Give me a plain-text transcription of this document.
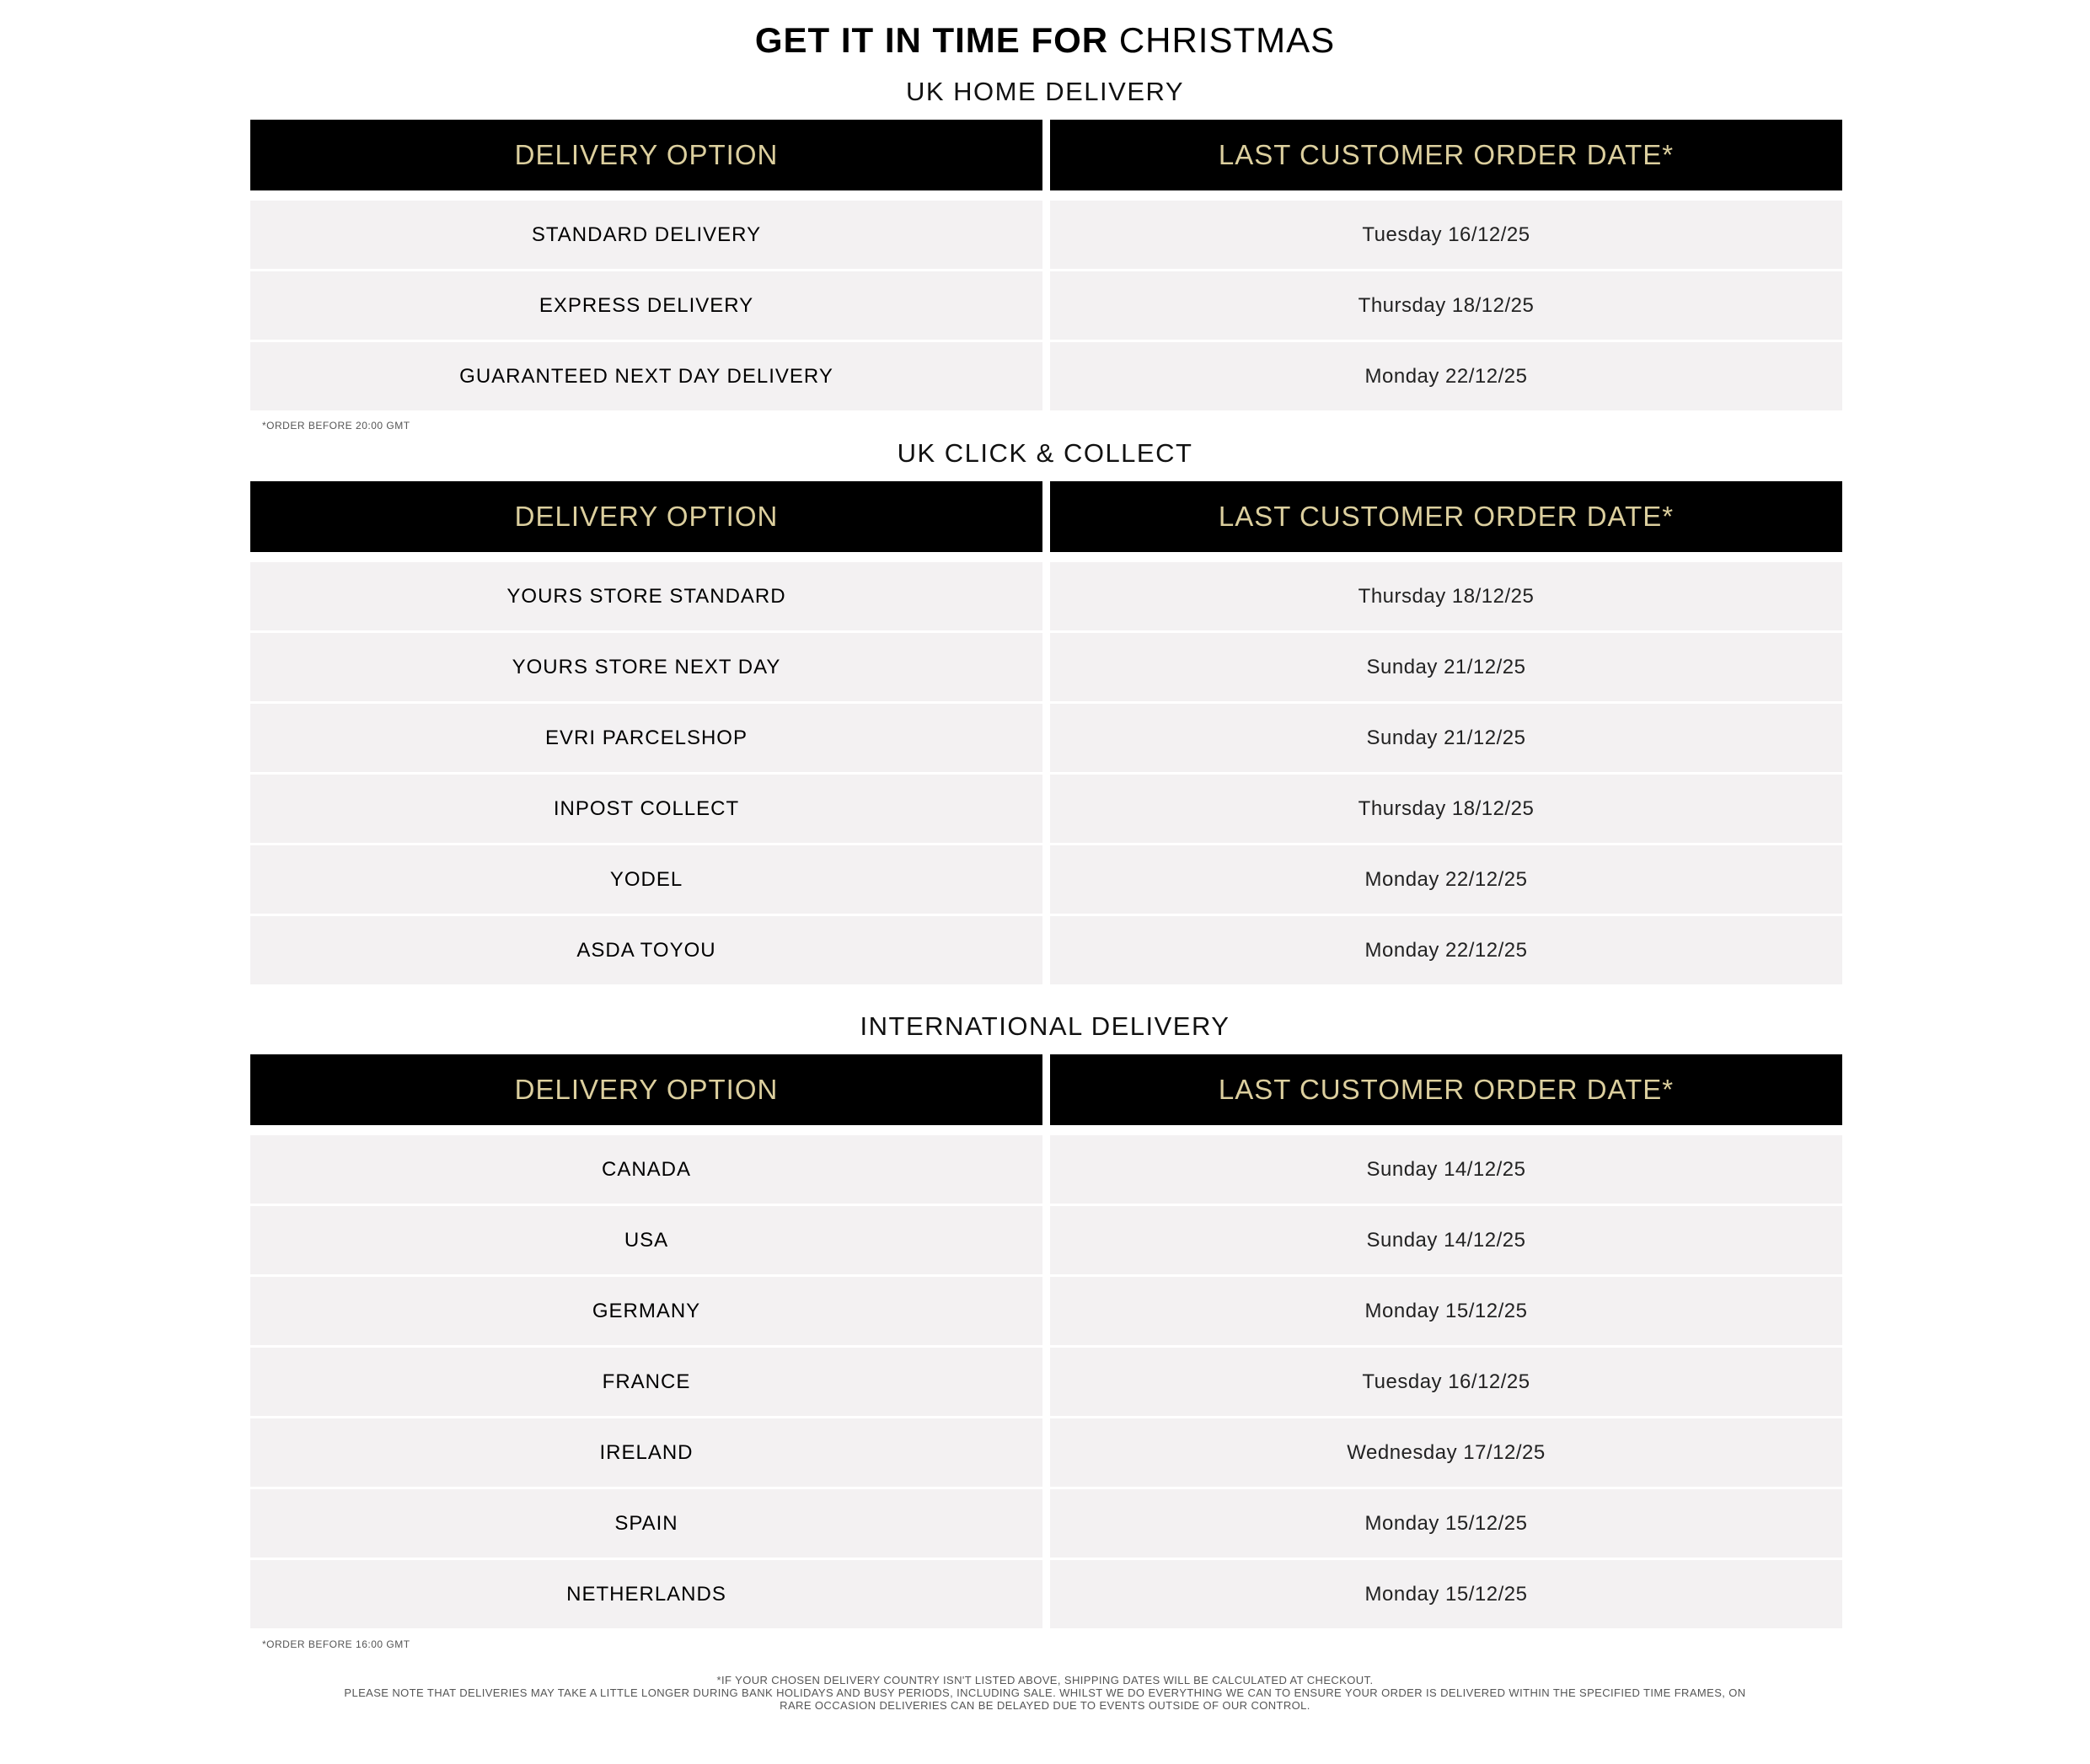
GET IT IN TIME FOR CHRISTMAS
UK HOME DELIVERY
DELIVERY OPTION	LAST CUSTOMER ORDER DATE*
STANDARD DELIVERY	Tuesday 16/12/25
EXPRESS DELIVERY	Thursday 18/12/25
GUARANTEED NEXT DAY DELIVERY	Monday 22/12/25
*ORDER BEFORE 20:00 GMT
UK CLICK & COLLECT
DELIVERY OPTION	LAST CUSTOMER ORDER DATE*
YOURS STORE STANDARD	Thursday 18/12/25
YOURS STORE NEXT DAY	Sunday 21/12/25
EVRI PARCELSHOP	Sunday 21/12/25
INPOST COLLECT	Thursday 18/12/25
YODEL	Monday 22/12/25
ASDA TOYOU	Monday 22/12/25
INTERNATIONAL DELIVERY
DELIVERY OPTION	LAST CUSTOMER ORDER DATE*
CANADA	Sunday 14/12/25
USA	Sunday 14/12/25
GERMANY	Monday 15/12/25
FRANCE	Tuesday 16/12/25
IRELAND	Wednesday 17/12/25
SPAIN	Monday 15/12/25
NETHERLANDS	Monday 15/12/25
*ORDER BEFORE 16:00 GMT
*IF YOUR CHOSEN DELIVERY COUNTRY ISN'T LISTED ABOVE, SHIPPING DATES WILL BE CALCULATED AT CHECKOUT.
PLEASE NOTE THAT DELIVERIES MAY TAKE A LITTLE LONGER DURING BANK HOLIDAYS AND BUSY PERIODS, INCLUDING SALE. WHILST WE DO EVERYTHING WE CAN TO ENSURE YOUR ORDER IS DELIVERED WITHIN THE SPECIFIED TIME FRAMES, ON
RARE OCCASION DELIVERIES CAN BE DELAYED DUE TO EVENTS OUTSIDE OF OUR CONTROL.
